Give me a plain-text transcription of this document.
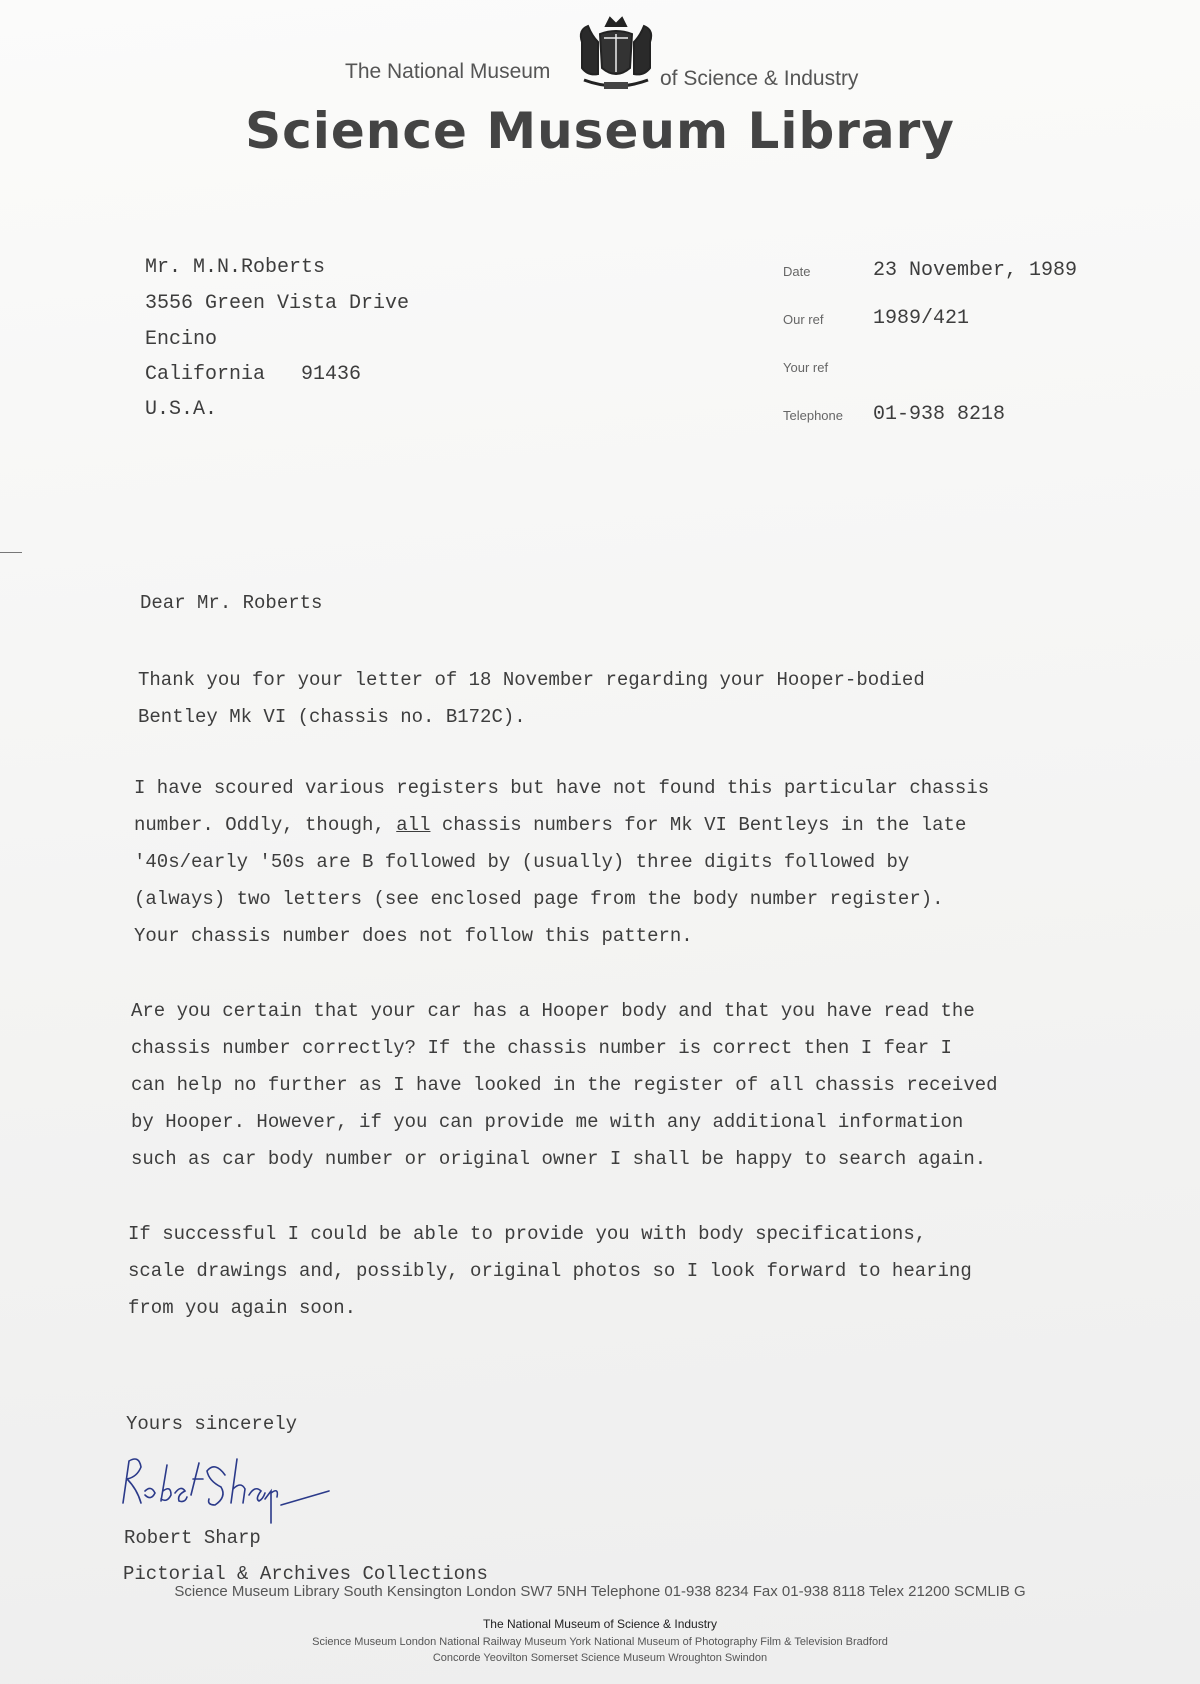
The National Museum	of Science & Industry
Science Museum Library
Mr. M.N.Roberts
3556 Green Vista Drive
Encino
California   91436
U.S.A.
Date	23 November, 1989
Our ref 1989/421
Your ref
Telephone 01-938 8218
Dear Mr. Roberts
Thank you for your letter of 18 November regarding your Hooper-bodied
Bentley Mk VI (chassis no. B172C).
I have scoured various registers but have not found this particular chassis
number. Oddly, though, all chassis numbers for Mk VI Bentleys in the late
'40s/early '50s are B followed by (usually) three digits followed by
(always) two letters (see enclosed page from the body number register).
Your chassis number does not follow this pattern.
Are you certain that your car has a Hooper body and that you have read the
chassis number correctly? If the chassis number is correct then I fear I
can help no further as I have looked in the register of all chassis received
by Hooper. However, if you can provide me with any additional information
such as car body number or original owner I shall be happy to search again.
If successful I could be able to provide you with body specifications,
scale drawings and, possibly, original photos so I look forward to hearing
from you again soon.
Yours sincerely
Robert Sharp
Pictorial & Archives Collections
Science Museum Library South Kensington London SW7 5NH Telephone 01-938 8234 Fax 01-938 8118 Telex 21200 SCMLIB G
The National Museum of Science & Industry
Science Museum London National Railway Museum York National Museum of Photography Film & Television Bradford
Concorde Yeovilton Somerset Science Museum Wroughton Swindon
